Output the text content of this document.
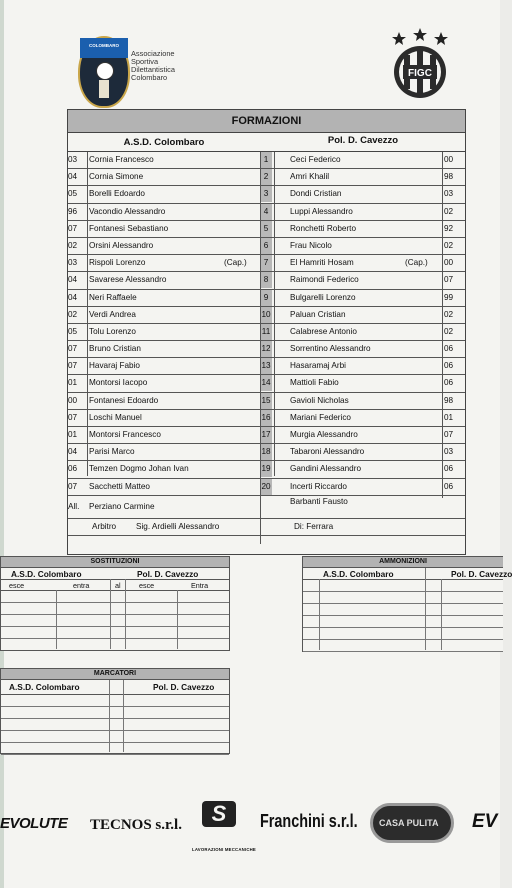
COLOMBARO
Associazione
Sportiva
Dilettantistica
Colombaro	FIGC
FORMAZIONI
A.S.D. Colombaro	Pol. D. Cavezzo
03	Cornia Francesco	1	Ceci Federico	00
04	Cornia Simone	2	Amri Khalil	98
05	Borelli Edoardo	3	Dondi Cristian	03
96	Vacondio Alessandro	4	Luppi Alessandro	02
07	Fontanesi Sebastiano	5	Ronchetti Roberto	92
02	Orsini Alessandro	6	Frau Nicolo	02
03	Rispoli Lorenzo	(Cap.)	7	El Hamriti Hosam	(Cap.) 00
04	Savarese Alessandro	8	Raimondi Federico	07
04	Neri Raffaele	9	Bulgarelli Lorenzo	99
02	Verdi Andrea	10 Paluan Cristian	02
05	Tolu Lorenzo	11 Calabrese Antonio	02
07	Bruno Cristian	12 Sorrentino Alessandro	06
07	Havaraj Fabio	13 Hasaramaj Arbi	06
01	Montorsi Iacopo	14 Mattioli Fabio	06
00	Fontanesi Edoardo	15 Gavioli Nicholas	98
07	Loschi Manuel	16 Mariani Federico	01
01	Montorsi Francesco	17 Murgia Alessandro	07
04	Parisi Marco	18 Tabaroni Alessandro	03
06	Temzen Dogmo Johan Ivan	19 Gandini Alessandro	06
07	Sacchetti Matteo	20 Incerti Riccardo	06
All.	Perziano Carmine
Barbanti Fausto
Arbitro Sig. Ardielli Alessandro	Di: Ferrara
SOSTITUZIONI
A.S.D. Colombaro	Pol. D. Cavezzo
esce	entra	al	esce	Entra
AMMONIZIONI
A.S.D. Colombaro	Pol. D. Cavezzo
MARCATORI
A.S.D. Colombaro	Pol. D. Cavezzo
EVOLUTE TECNOS s.r.l.	S
LAVORAZIONI MECCANICHE
Franchini s.r.l. CASA PULITA EV
